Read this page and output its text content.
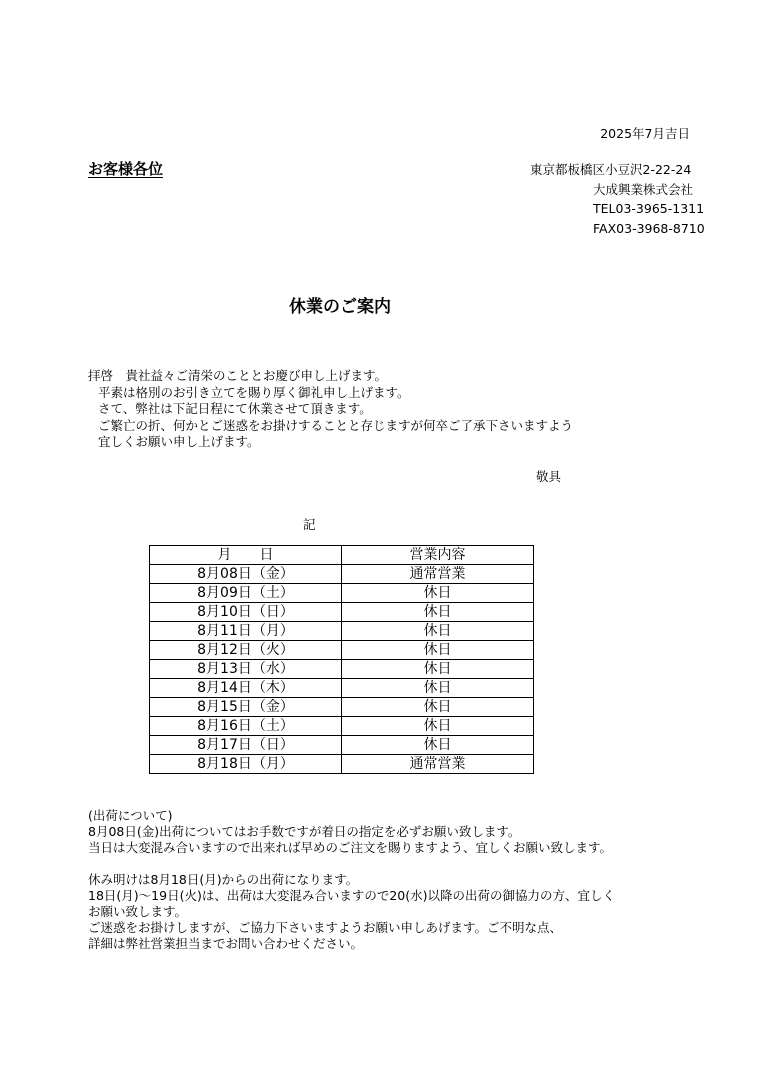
2025年7月吉日
お客様各位	東京都板橋区小豆沢2-22-24
大成興業株式会社
TEL03-3965-1311
FAX03-3968-8710
休業のご案内
拝啓　貴社益々ご清栄のこととお慶び申し上げます。
平素は格別のお引き立てを賜り厚く御礼申し上げます。
さて、弊社は下記日程にて休業させて頂きます。
ご繁亡の折、何かとご迷惑をお掛けすることと存じますが何卒ご了承下さいますよう
宜しくお願い申し上げます。
敬具
記
月　　日	営業内容
8月08日（金）	通常営業
8月09日（土）	休日
8月10日（日）	休日
8月11日（月）	休日
8月12日（火）	休日
8月13日（水）	休日
8月14日（木）	休日
8月15日（金）	休日
8月16日（土）	休日
8月17日（日）	休日
8月18日（月）	通常営業
(出荷について)
8月08日(金)出荷についてはお手数ですが着日の指定を必ずお願い致します。
当日は大変混み合いますので出来れば早めのご注文を賜りますよう、宜しくお願い致します。
休み明けは8月18日(月)からの出荷になります。
18日(月)～19日(火)は、出荷は大変混み合いますので20(水)以降の出荷の御協力の方、宜しく
お願い致します。
ご迷惑をお掛けしますが、ご協力下さいますようお願い申しあげます。ご不明な点、
詳細は弊社営業担当までお問い合わせください。
